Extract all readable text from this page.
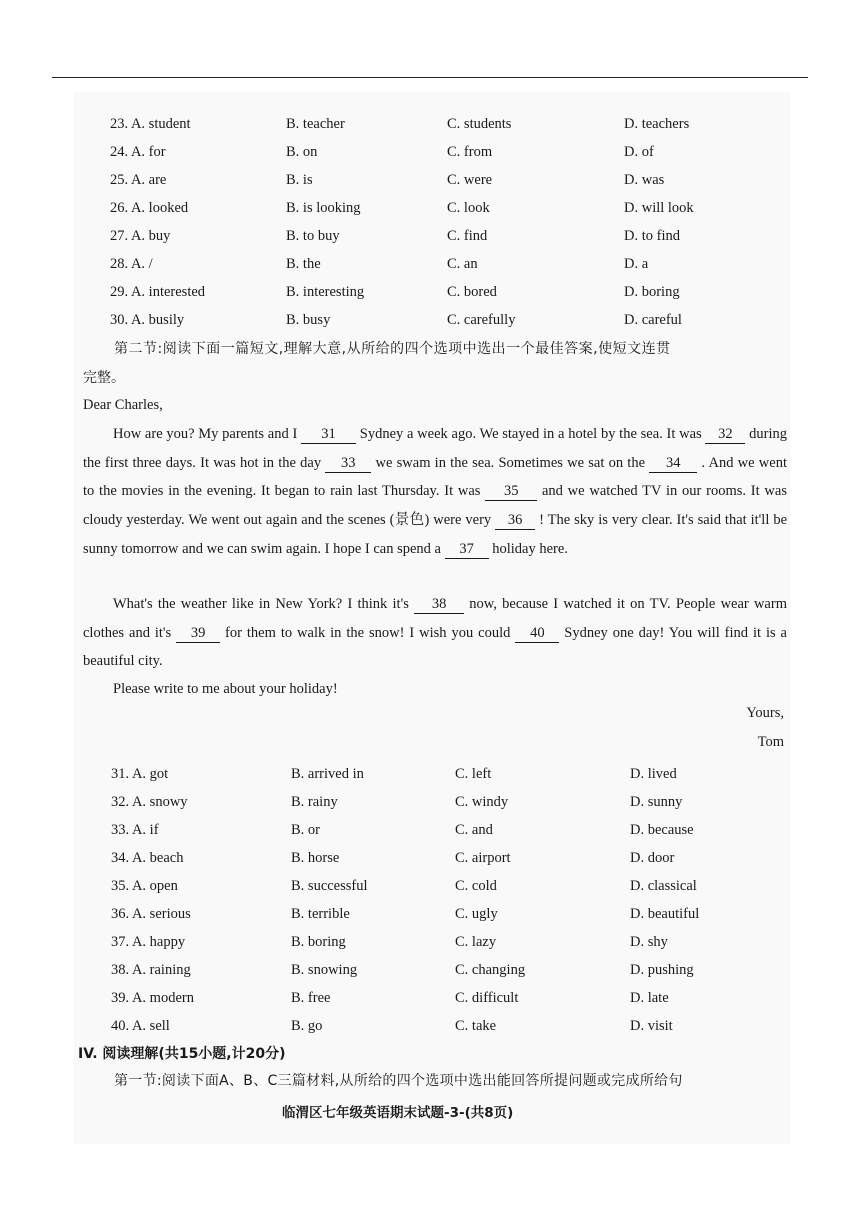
23. A. student	B. teacher	C. students	D. teachers
24. A. for	B. on	C. from	D. of
25. A. are	B. is	C. were	D. was
26. A. looked	B. is looking	C. look	D. will look
27. A. buy	B. to buy	C. find	D. to find
28. A. /	B. the	C. an	D. a
29. A. interested	B. interesting	C. bored	D. boring
30. A. busily	B. busy	C. carefully	D. careful
第二节:阅读下面一篇短文,理解大意,从所给的四个选项中选出一个最佳答案,使短文连贯
完整。
Dear Charles,
How are you? My parents and I 31 Sydney a week ago. We stayed in a hotel by the sea. It was 32 during the first three days. It was hot in the day 33 we swam in the sea. Sometimes we sat on the 34 . And we went to the movies in the evening. It began to rain last Thursday. It was 35 and we watched TV in our rooms. It was cloudy yesterday. We went out again and the scenes (景色) were very 36 ! The sky is very clear. It's said that it'll be sunny tomorrow and we can swim again. I hope I can spend a 37 holiday here.
What's the weather like in New York? I think it's 38 now, because I watched it on TV. People wear warm clothes and it's 39 for them to walk in the snow! I wish you could 40 Sydney one day! You will find it is a beautiful city.
Please write to me about your holiday!
Yours,
Tom
31. A. got	B. arrived in	C. left	D. lived
32. A. snowy	B. rainy	C. windy	D. sunny
33. A. if	B. or	C. and	D. because
34. A. beach	B. horse	C. airport	D. door
35. A. open	B. successful	C. cold	D. classical
36. A. serious	B. terrible	C. ugly	D. beautiful
37. A. happy	B. boring	C. lazy	D. shy
38. A. raining	B. snowing	C. changing	D. pushing
39. A. modern	B. free	C. difficult	D. late
40. A. sell	B. go	C. take	D. visit
IV. 阅读理解(共15小题,计20分)
第一节:阅读下面A、B、C三篇材料,从所给的四个选项中选出能回答所提问题或完成所给句
临渭区七年级英语期末试题-3-(共8页)
